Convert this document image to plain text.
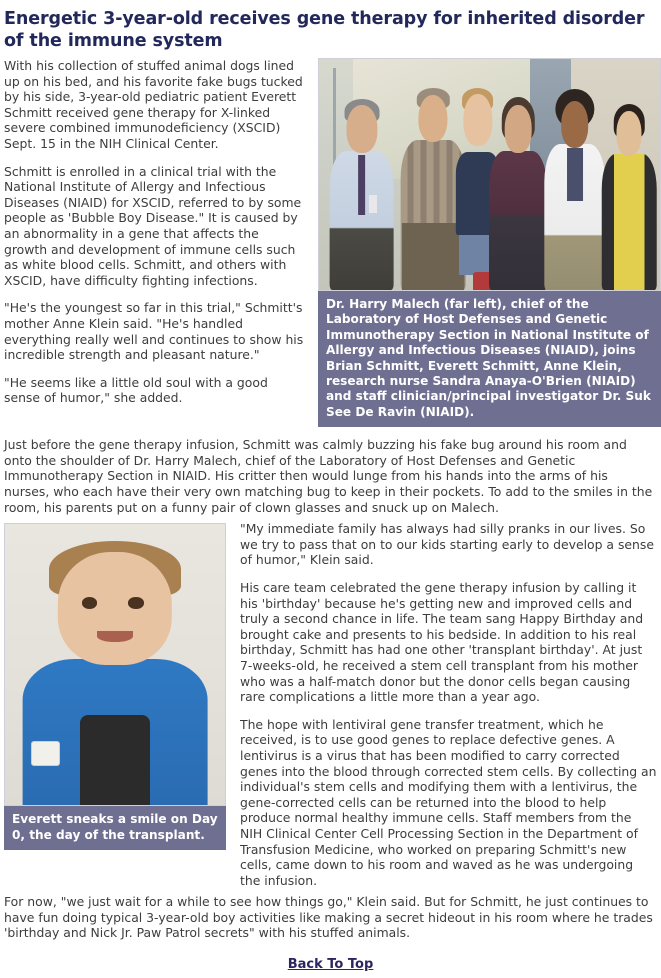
Energetic 3-year-old receives gene therapy for inherited disorder of the immune system
Dr. Harry Malech (far left), chief of the Laboratory of Host Defenses and Genetic Immunotherapy Section in National Institute of Allergy and Infectious Diseases (NIAID), joins Brian Schmitt, Everett Schmitt, Anne Klein, research nurse Sandra Anaya-O'Brien (NIAID) and staff clinician/principal investigator Dr. Suk See De Ravin (NIAID).

With his collection of stuffed animal dogs lined up on his bed, and his favorite fake bugs tucked by his side, 3-year-old pediatric patient Everett Schmitt received gene therapy for X-linked severe combined immunodeficiency (XSCID) Sept. 15 in the NIH Clinical Center.

Schmitt is enrolled in a clinical trial with the National Institute of Allergy and Infectious Diseases (NIAID) for XSCID, referred to by some people as 'Bubble Boy Disease." It is caused by an abnormality in a gene that affects the growth and development of immune cells such as white blood cells. Schmitt, and others with XSCID, have difficulty fighting infections.

"He's the youngest so far in this trial," Schmitt's mother Anne Klein said. "He's handled everything really well and continues to show his incredible strength and pleasant nature."

"He seems like a little old soul with a good sense of humor," she added.

Just before the gene therapy infusion, Schmitt was calmly buzzing his fake bug around his room and onto the shoulder of Dr. Harry Malech, chief of the Laboratory of Host Defenses and Genetic Immunotherapy Section in NIAID. His critter then would lunge from his hands into the arms of his nurses, who each have their very own matching bug to keep in their pockets. To add to the smiles in the room, his parents put on a funny pair of clown glasses and snuck up on Malech.

Everett sneaks a smile on Day 0, the day of the transplant.

"My immediate family has always had silly pranks in our lives. So we try to pass that on to our kids starting early to develop a sense of humor," Klein said.

His care team celebrated the gene therapy infusion by calling it his 'birthday' because he's getting new and improved cells and truly a second chance in life. The team sang Happy Birthday and brought cake and presents to his bedside. In addition to his real birthday, Schmitt has had one other 'transplant birthday'. At just 7-weeks-old, he received a stem cell transplant from his mother who was a half-match donor but the donor cells began causing rare complications a little more than a year ago.

The hope with lentiviral gene transfer treatment, which he received, is to use good genes to replace defective genes. A lentivirus is a virus that has been modified to carry corrected genes into the blood through corrected stem cells. By collecting an individual's stem cells and modifying them with a lentivirus, the gene-corrected cells can be returned into the blood to help produce normal healthy immune cells. Staff members from the NIH Clinical Center Cell Processing Section in the Department of Transfusion Medicine, who worked on preparing Schmitt's new cells, came down to his room and waved as he was undergoing the infusion.

For now, "we just wait for a while to see how things go," Klein said. But for Schmitt, he just continues to have fun doing typical 3-year-old boy activities like making a secret hideout in his room where he trades 'birthday and Nick Jr. Paw Patrol secrets" with his stuffed animals.

Back To Top
